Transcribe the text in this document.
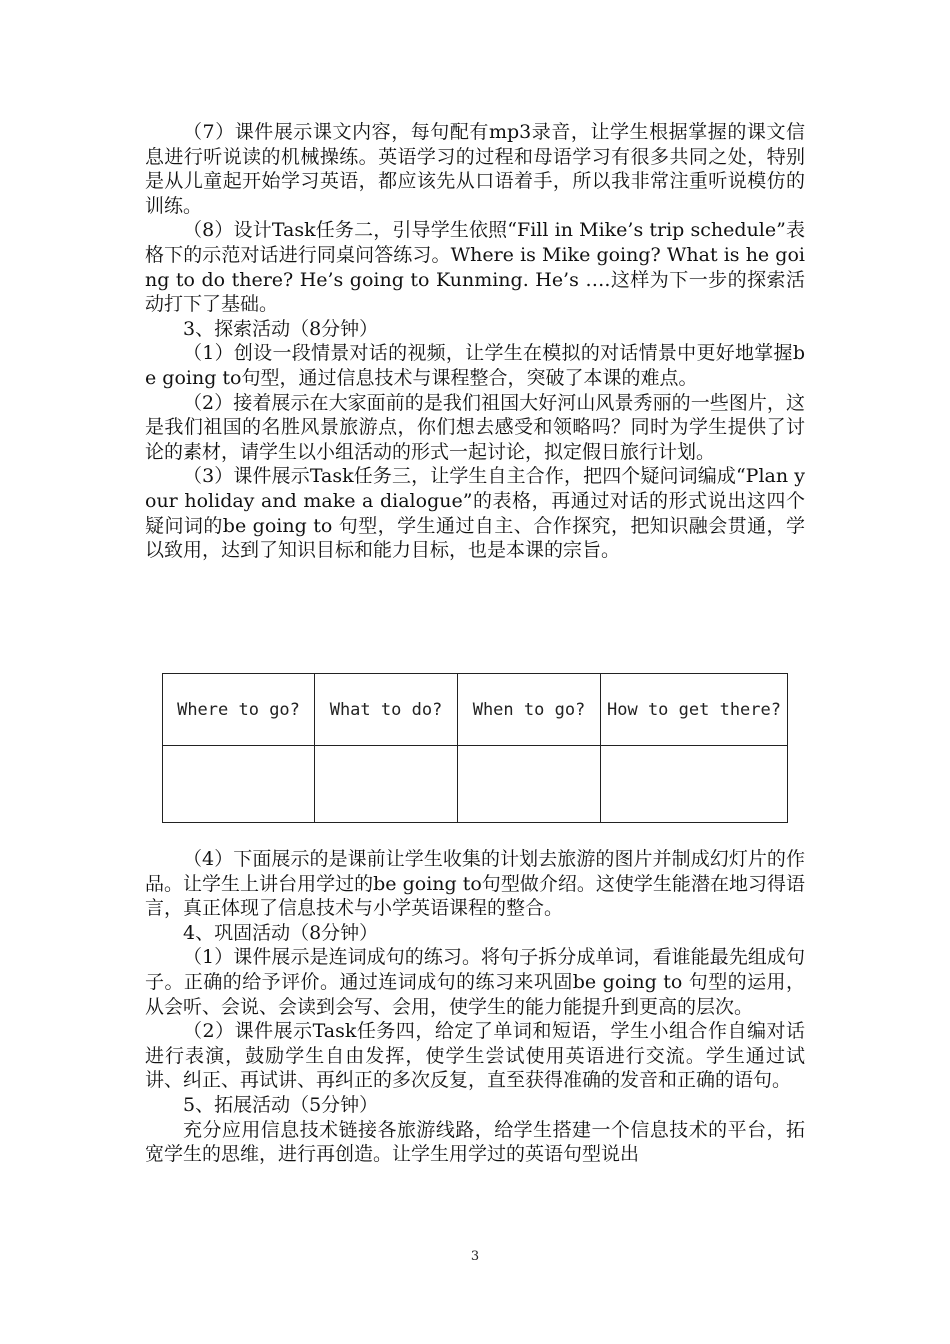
（7）课件展示课文内容，每句配有mp3录音，让学生根据掌握的课文信息进行听说读的机械操练。英语学习的过程和母语学习有很多共同之处，特别是从儿童起开始学习英语，都应该先从口语着手，所以我非常注重听说模仿的训练。

（8）设计Task任务二，引导学生依照“Fill in Mike’s trip schedule”表格下的示范对话进行同桌问答练习。Where is Mike going? What is he going to do there? He’s going to Kunming. He’s ….这样为下一步的探索活动打下了基础。

3、探索活动（8分钟）

（1）创设一段情景对话的视频，让学生在模拟的对话情景中更好地掌握be going to句型，通过信息技术与课程整合，突破了本课的难点。

（2）接着展示在大家面前的是我们祖国大好河山风景秀丽的一些图片，这是我们祖国的名胜风景旅游点，你们想去感受和领略吗？同时为学生提供了讨论的素材，请学生以小组活动的形式一起讨论，拟定假日旅行计划。

（3）课件展示Task任务三，让学生自主合作，把四个疑问词编成“Plan your holiday and make a dialogue”的表格，再通过对话的形式说出这四个疑问词的be going to 句型，学生通过自主、合作探究，把知识融会贯通，学以致用，达到了知识目标和能力目标，也是本课的宗旨。

Where to go?	What to do?	When to go?	How to get there?

（4）下面展示的是课前让学生收集的计划去旅游的图片并制成幻灯片的作品。让学生上讲台用学过的be going to句型做介绍。这使学生能潜在地习得语言，真正体现了信息技术与小学英语课程的整合。

4、巩固活动（8分钟）

（1）课件展示是连词成句的练习。将句子拆分成单词，看谁能最先组成句子。正确的给予评价。通过连词成句的练习来巩固be going to 句型的运用，从会听、会说、会读到会写、会用，使学生的能力能提升到更高的层次。

（2）课件展示Task任务四，给定了单词和短语，学生小组合作自编对话进行表演，鼓励学生自由发挥，使学生尝试使用英语进行交流。学生通过试讲、纠正、再试讲、再纠正的多次反复，直至获得准确的发音和正确的语句。

5、拓展活动（5分钟）

充分应用信息技术链接各旅游线路，给学生搭建一个信息技术的平台，拓宽学生的思维，进行再创造。让学生用学过的英语句型说出

3
